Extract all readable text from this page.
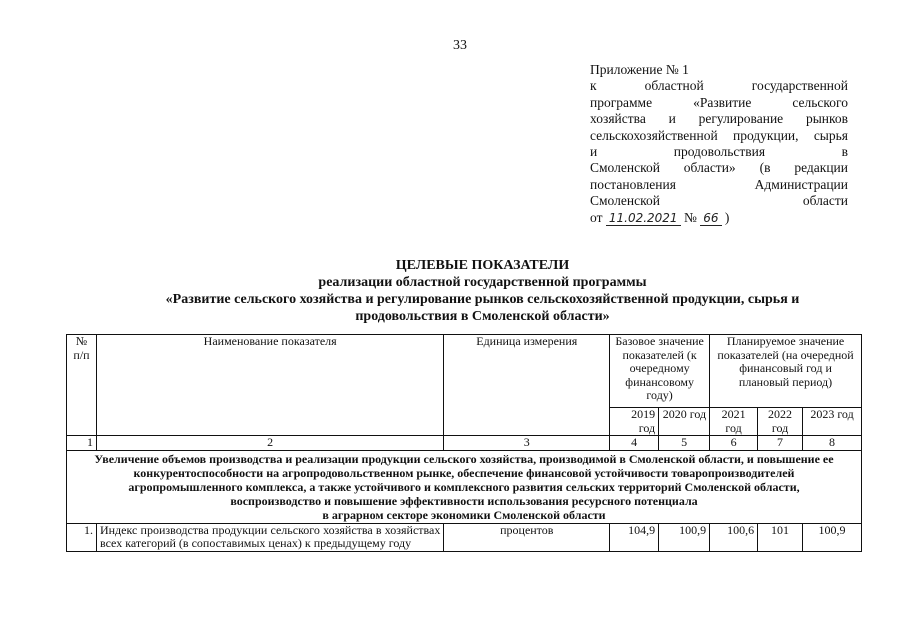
33
Приложение № 1
к областной государственной
программе «Развитие сельского
хозяйства и регулирование рынков
сельскохозяйственной продукции, сырья
и продовольствия в
Смоленской области» (в редакции
постановления Администрации
Смоленской области
от 11.02.2021 № 66 )
ЦЕЛЕВЫЕ ПОКАЗАТЕЛИ
реализации областной государственной программы
«Развитие сельского хозяйства и регулирование рынков сельскохозяйственной продукции, сырья и
продовольствия в Смоленской области»
№ п/п	Наименование показателя	Единица измерения	Базовое значение показателей (к очередному финансовому году)		Планируемое значение показателей (на очередной финансовый год и плановый период)		
			2019 год	2020 год	2021 год	2022 год	2023 год
1	2	3	4	5	6	7	8

Увеличение объемов производства и реализации продукции сельского хозяйства, производимой в Смоленской области, и повышение ее
конкурентоспособности на агропродовольственном рынке, обеспечение финансовой устойчивости товаропроизводителей
агропромышленного комплекса, а также устойчивого и комплексного развития сельских территорий Смоленской области,
воспроизводство и повышение эффективности использования ресурсного потенциала
в аграрном секторе экономики Смоленской области							

1.	Индекс производства продукции сельского хозяйства в хозяйствах всех категорий (в сопоставимых ценах) к предыдущему году	процентов	104,9	100,9	100,6	101	100,9
